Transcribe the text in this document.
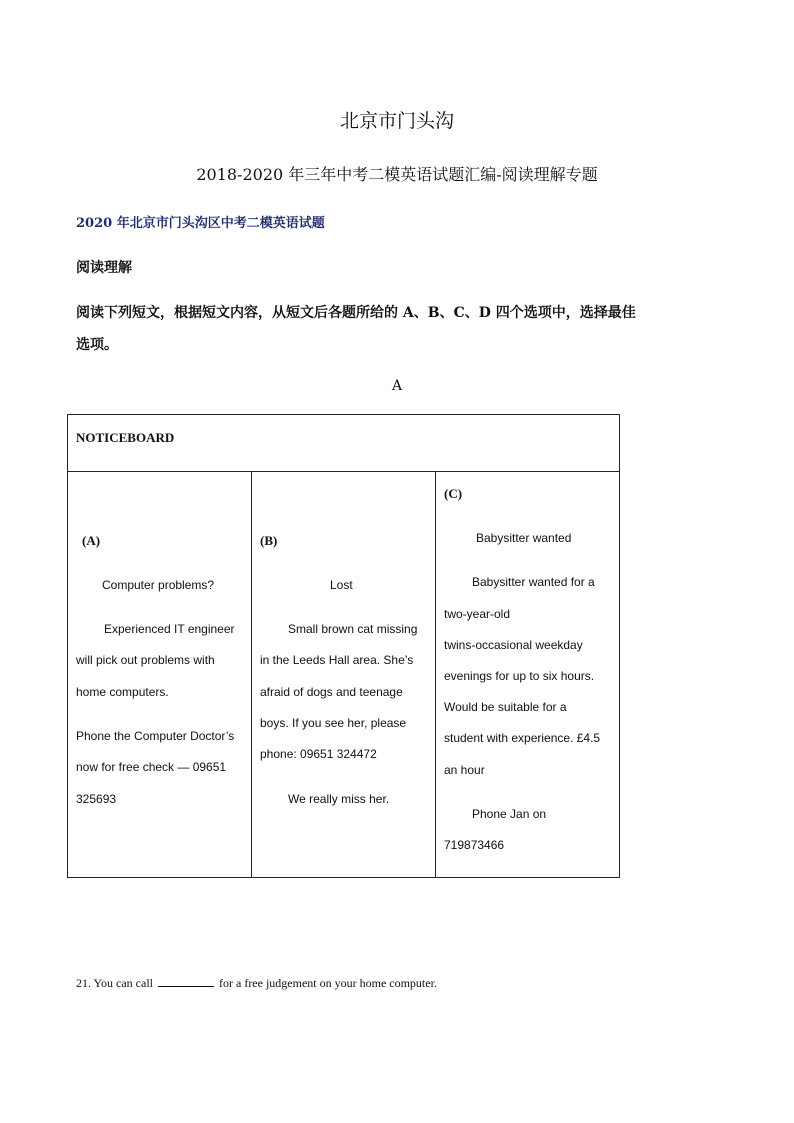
北京市门头沟
2018-2020 年三年中考二模英语试题汇编-阅读理解专题
2020 年北京市门头沟区中考二模英语试题
阅读理解
阅读下列短文，根据短文内容，从短文后各题所给的 A、B、C、D 四个选项中，选择最佳
选项。
A
NOTICEBOARD
(A)
Computer problems?
Experienced IT engineer
will pick out problems with
home computers.
Phone the Computer Doctor’s
now for free check — 09651
325693
(B)
Lost
Small brown cat missing
in the Leeds Hall area. She’s
afraid of dogs and teenage
boys. If you see her, please
phone: 09651 324472
We really miss her.
(C)
Babysitter wanted
Babysitter wanted for a
two-year-old
twins-occasional weekday
evenings for up to six hours.
Would be suitable for a
student with experience. £4.5
an hour
Phone Jan on
719873466
21. You can call	for a free judgement on your home computer.
